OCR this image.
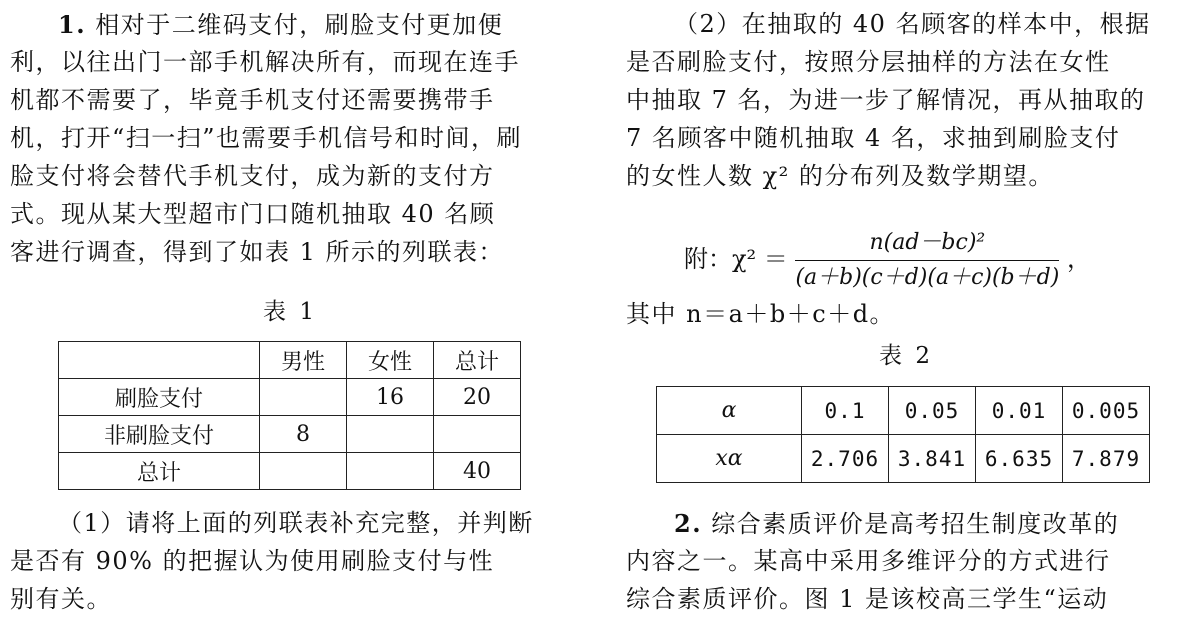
1. 相对于二维码支付，刷脸支付更加便
利，以往出门一部手机解决所有，而现在连手
机都不需要了，毕竟手机支付还需要携带手
机，打开“扫一扫”也需要手机信号和时间，刷
脸支付将会替代手机支付，成为新的支付方
式。现从某大型超市门口随机抽取 40 名顾
客进行调查，得到了如表 1 所示的列联表：
表 1
	男性	女性	总计
刷脸支付		16	20
非刷脸支付	8		
总计			40
（1）请将上面的列联表补充完整，并判断
是否有 90% 的把握认为使用刷脸支付与性
别有关。
（2）在抽取的 40 名顾客的样本中，根据
是否刷脸支付，按照分层抽样的方法在女性
中抽取 7 名，为进一步了解情况，再从抽取的
7 名顾客中随机抽取 4 名，求抽到刷脸支付
的女性人数 χ² 的分布列及数学期望。
附：$\chi^2 = \frac{\text{n(ad－bc)²}}{(a+b)(c+d)(a+c)(b+d)}$ ，
其中 n＝a＋b＋c＋d。
表 2
α	0.1	0.05	0.01	0.005
xα	2.706	3.841	6.635	7.879
2. 综合素质评价是高考招生制度改革的
内容之一。某高中采用多维评分的方式进行
综合素质评价。图 1 是该校高三学生“运动
